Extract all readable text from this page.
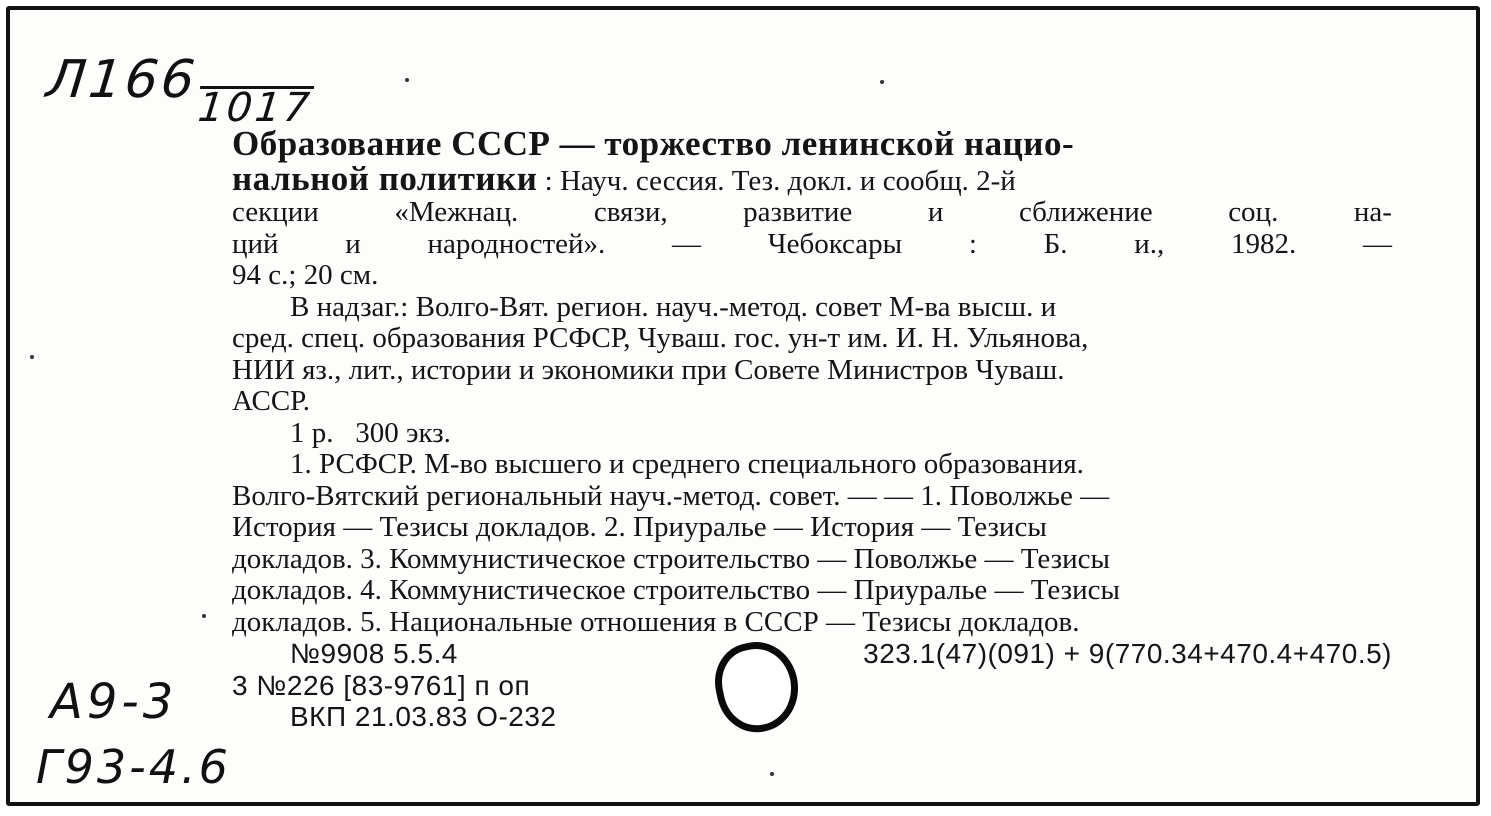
Л1661017
Образование СССР — торжество ленинской нацио-
нальной политики : Науч. сессия. Тез. докл. и сообщ. 2-й
секции	«Межнац.	связи,	развитие	и	сближение	соц.	на-
ций и народностей». — Чебоксары : Б. и., 1982. —
94 с.; 20 см.
В надзаг.: Волго-Вят. регион. науч.-метод. совет М-ва высш. и
сред. спец. образования РСФСР, Чуваш. гос. ун-т им. И. Н. Ульянова,
НИИ яз., лит., истории и экономики при Совете Министров Чуваш.
АССР.
1 р.   300 экз.
1. РСФСР. М-во высшего и среднего специального образования.
Волго-Вятский региональный науч.-метод. совет. — — 1. Поволжье —
История — Тезисы докладов. 2. Приуралье — История — Тезисы
докладов. 3. Коммунистическое строительство — Поволжье — Тезисы
докладов. 4. Коммунистическое строительство — Приуралье — Тезисы
докладов. 5. Национальные отношения в СССР — Тезисы докладов.
№9908 5.5.4	323.1(47)(091) + 9(770.34+470.4+470.5)
3 №226 [83-9761] п оп
ВКП 21.03.83 О-232
А9-3
Г93-4.6
